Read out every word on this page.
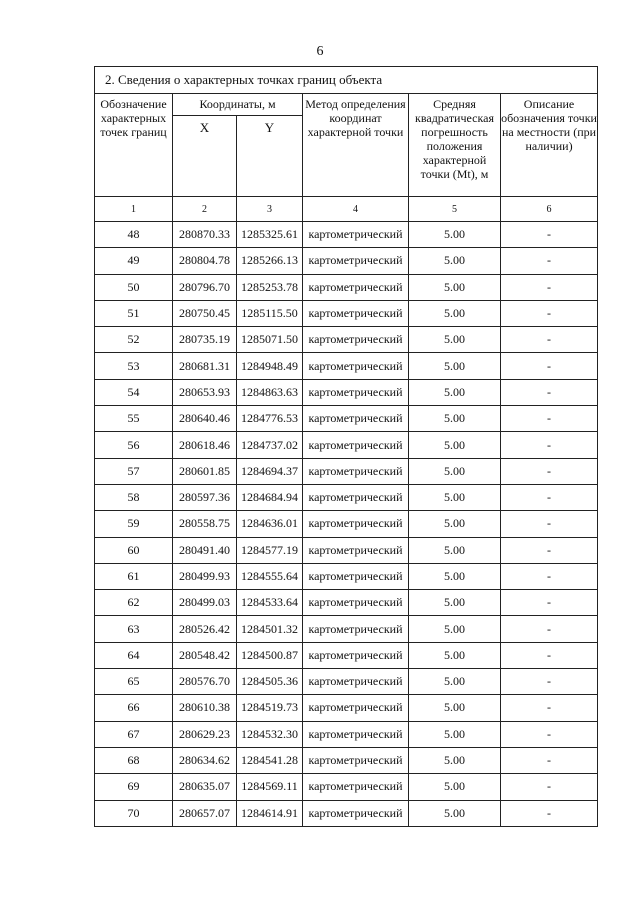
6
2. Сведения о характерных точках границ объекта					
Обозначение характерных точек границ	Координаты, м		Метод определения координат характерной точки	Средняя квадратическая погрешность положения характерной точки (Mt), м	Описание обозначения точки на местности (при наличии)
	X	Y			
1	2	3	4	5	6
48	280870.33	1285325.61	картометрический	5.00	-
49	280804.78	1285266.13	картометрический	5.00	-
50	280796.70	1285253.78	картометрический	5.00	-
51	280750.45	1285115.50	картометрический	5.00	-
52	280735.19	1285071.50	картометрический	5.00	-
53	280681.31	1284948.49	картометрический	5.00	-
54	280653.93	1284863.63	картометрический	5.00	-
55	280640.46	1284776.53	картометрический	5.00	-
56	280618.46	1284737.02	картометрический	5.00	-
57	280601.85	1284694.37	картометрический	5.00	-
58	280597.36	1284684.94	картометрический	5.00	-
59	280558.75	1284636.01	картометрический	5.00	-
60	280491.40	1284577.19	картометрический	5.00	-
61	280499.93	1284555.64	картометрический	5.00	-
62	280499.03	1284533.64	картометрический	5.00	-
63	280526.42	1284501.32	картометрический	5.00	-
64	280548.42	1284500.87	картометрический	5.00	-
65	280576.70	1284505.36	картометрический	5.00	-
66	280610.38	1284519.73	картометрический	5.00	-
67	280629.23	1284532.30	картометрический	5.00	-
68	280634.62	1284541.28	картометрический	5.00	-
69	280635.07	1284569.11	картометрический	5.00	-
70	280657.07	1284614.91	картометрический	5.00	-
